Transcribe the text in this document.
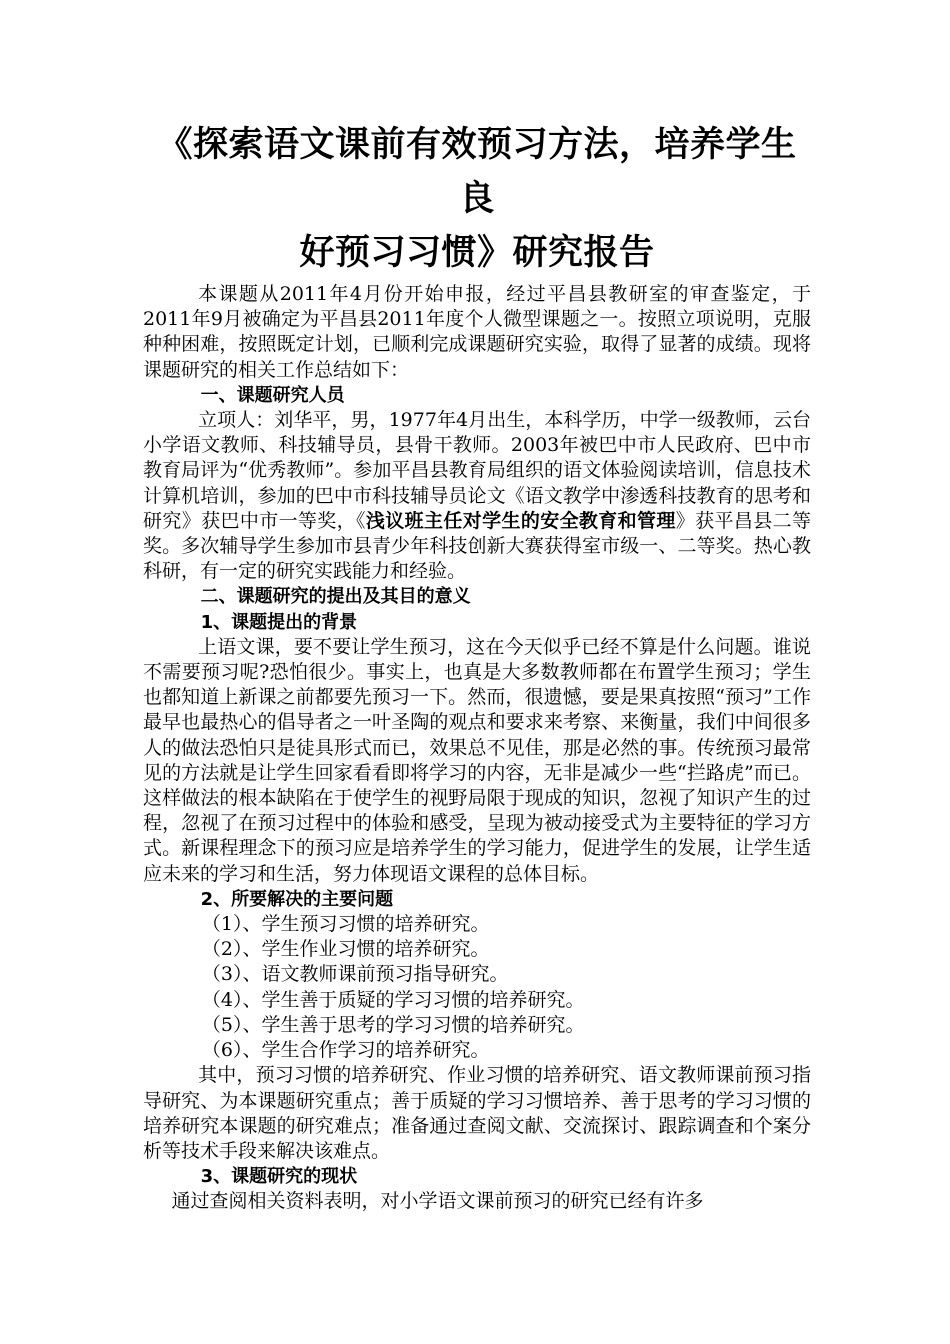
《探索语文课前有效预习方法，培养学生良
好预习习惯》研究报告

本课题从2011年4月份开始申报，经过平昌县教研室的审查鉴定，于2011年9月被确定为平昌县2011年度个人微型课题之一。按照立项说明，克服种种困难，按照既定计划，已顺利完成课题研究实验，取得了显著的成绩。现将课题研究的相关工作总结如下：

一、课题研究人员

立项人：刘华平，男，1977年4月出生，本科学历，中学一级教师，云台小学语文教师、科技辅导员，县骨干教师。2003年被巴中市人民政府、巴中市教育局评为“优秀教师”。参加平昌县教育局组织的语文体验阅读培训，信息技术计算机培训，参加的巴中市科技辅导员论文《语文教学中渗透科技教育的思考和研究》获巴中市一等奖，《浅议班主任对学生的安全教育和管理》获平昌县二等奖。多次辅导学生参加市县青少年科技创新大赛获得室市级一、二等奖。热心教科研，有一定的研究实践能力和经验。

二、课题研究的提出及其目的意义

1、课题提出的背景

上语文课，要不要让学生预习，这在今天似乎已经不算是什么问题。谁说不需要预习呢?恐怕很少。事实上，也真是大多数教师都在布置学生预习；学生也都知道上新课之前都要先预习一下。然而，很遗憾，要是果真按照“预习”工作最早也最热心的倡导者之一叶圣陶的观点和要求来考察、来衡量，我们中间很多人的做法恐怕只是徒具形式而已，效果总不见佳，那是必然的事。传统预习最常见的方法就是让学生回家看看即将学习的内容，无非是减少一些“拦路虎”而已。这样做法的根本缺陷在于使学生的视野局限于现成的知识，忽视了知识产生的过程，忽视了在预习过程中的体验和感受，呈现为被动接受式为主要特征的学习方式。新课程理念下的预习应是培养学生的学习能力，促进学生的发展，让学生适应未来的学习和生活，努力体现语文课程的总体目标。

2、所要解决的主要问题

（1）、学生预习习惯的培养研究。

（2）、学生作业习惯的培养研究。

（3）、语文教师课前预习指导研究。

（4）、学生善于质疑的学习习惯的培养研究。

（5）、学生善于思考的学习习惯的培养研究。

（6）、学生合作学习的培养研究。

其中，预习习惯的培养研究、作业习惯的培养研究、语文教师课前预习指导研究、为本课题研究重点；善于质疑的学习习惯培养、善于思考的学习习惯的培养研究本课题的研究难点；准备通过查阅文献、交流探讨、跟踪调查和个案分析等技术手段来解决该难点。

3、课题研究的现状

通过查阅相关资料表明，对小学语文课前预习的研究已经有许多
